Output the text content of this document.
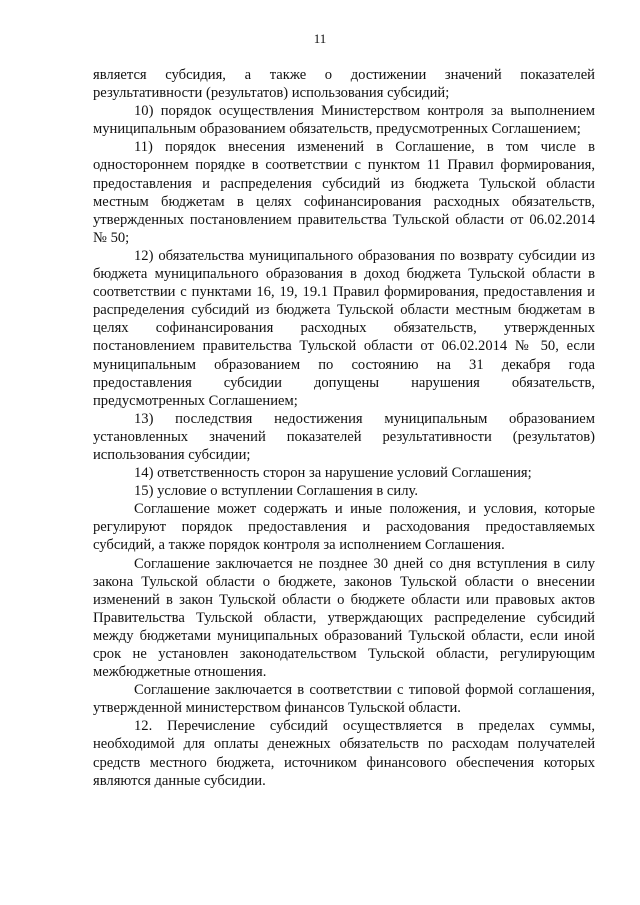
11

является субсидия, а также о достижении значений показателей результативности (результатов) использования субсидий;

10) порядок осуществления Министерством контроля за выполнением муниципальным образованием обязательств, предусмотренных Соглашением;

11) порядок внесения изменений в Соглашение, в том числе в одностороннем порядке в соответствии с пунктом 11 Правил формирования, предоставления и распределения субсидий из бюджета Тульской области местным бюджетам в целях софинансирования расходных обязательств, утвержденных постановлением правительства Тульской области от 06.02.2014 № 50;

12) обязательства муниципального образования по возврату субсидии из бюджета муниципального образования в доход бюджета Тульской области в соответствии с пунктами 16, 19, 19.1 Правил формирования, предоставления и распределения субсидий из бюджета Тульской области местным бюджетам в целях софинансирования расходных обязательств, утвержденных постановлением правительства Тульской области от 06.02.2014 № 50, если муниципальным образованием по состоянию на 31 декабря года предоставления субсидии допущены нарушения обязательств, предусмотренных Соглашением;

13) последствия недостижения муниципальным образованием установленных значений показателей результативности (результатов) использования субсидии;

14) ответственность сторон за нарушение условий Соглашения;

15) условие о вступлении Соглашения в силу.

Соглашение может содержать и иные положения, и условия, которые регулируют порядок предоставления и расходования предоставляемых субсидий, а также порядок контроля за исполнением Соглашения.

Соглашение заключается не позднее 30 дней со дня вступления в силу закона Тульской области о бюджете, законов Тульской области о внесении изменений в закон Тульской области о бюджете области или правовых актов Правительства Тульской области, утверждающих распределение субсидий между бюджетами муниципальных образований Тульской области, если иной срок не установлен законодательством Тульской области, регулирующим межбюджетные отношения.

Соглашение заключается в соответствии с типовой формой соглашения, утвержденной министерством финансов Тульской области.

12. Перечисление субсидий осуществляется в пределах суммы, необходимой для оплаты денежных обязательств по расходам получателей средств местного бюджета, источником финансового обеспечения которых являются данные субсидии.
